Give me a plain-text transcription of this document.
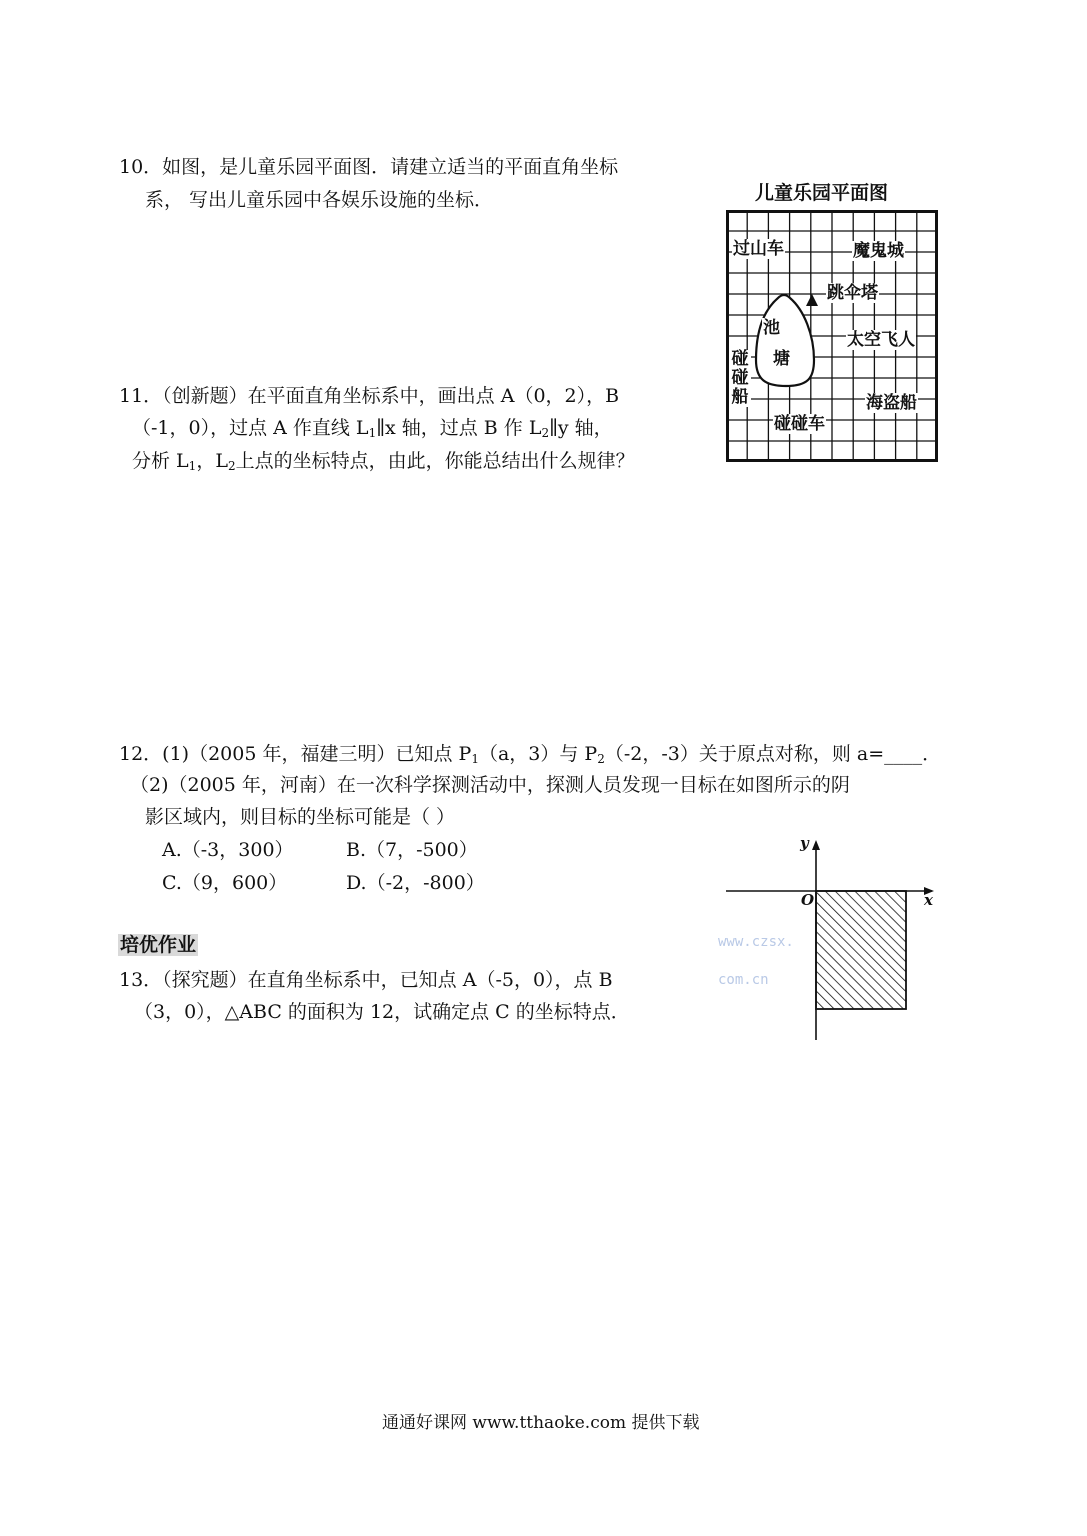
10．如图，是儿童乐园平面图．请建立适当的平面直角坐标
系， 写出儿童乐园中各娱乐设施的坐标．	儿童乐园平面图
过山车	魔鬼城
跳伞塔
池
塘
太空飞人
碰碰船	海盗船
碰碰车
11．（创新题）在平面直角坐标系中，画出点 A（0，2），B
（-1，0），过点 A 作直线 $L_1\parallel x$ 轴，过点 B 作 $L_2\parallel y$ 轴，
分析 $L_1$，$L_2$上点的坐标特点，由此，你能总结出什么规律？
12．(1)（2005 年，福建三明）已知点 $P_1(a$，3）与 $P_2(-2$，-3）关于原点对称，则 a=____．
（2)（2005 年，河南）在一次科学探测活动中，探测人员发现一目标在如图所示的阴
影区域内，则目标的坐标可能是（ ）
A.（-3，300）	B.（7，-500）
C.（9，600）	D.（-2，-800）
y
x
O
www.czsx.
com.cn
培优作业
13．（探究题）在直角坐标系中，已知点 A（-5，0），点 B
（3，0），△ABC 的面积为 12，试确定点 C 的坐标特点．
通通好课网 www.tthaoke.com 提供下载
